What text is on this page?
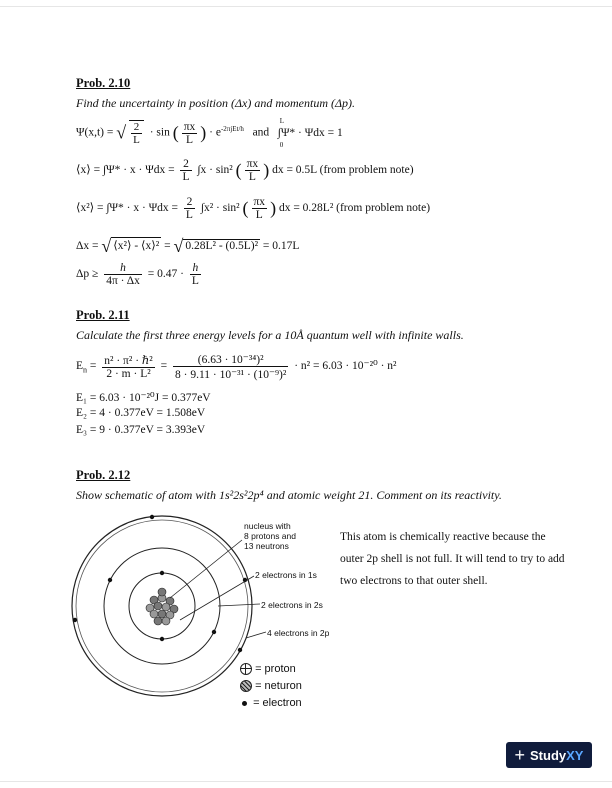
Prob. 2.10
Find the uncertainty in position (Δx) and momentum (Δp).
Ψ(x,t) = √ $\frac{2}{L} \cdot \sin$ ( $\frac{\pi x}{L}$ ) · $e^{-2\pi jEt/h}$ and
L
∫Ψ* · Ψdx = 1
0
⟨x⟩ = $\int\Psi* \cdot x \cdot \Psi dx = \frac{2}{L} \int x \cdot \sin^2$ ( $\frac{\pi x}{L}$ ) dx = 0.5L (from problem note)
⟨x²⟩ = $\int\Psi* \cdot x \cdot \Psi dx = \frac{2}{L} \int x^2 \cdot \sin^2$ ( $\frac{\pi x}{L}$ ) dx = 0.28L² (from problem note)
Δx = √ ⟨x²⟩ - ⟨x⟩² = √ 0.28L² - (0.5L)² = 0.17L
$\Delta p \ge \frac{h}{4\pi \cdot \Delta x} = 0.47 \cdot \frac{h}{L}$
Prob. 2.11
Calculate the first three energy levels for a 10Å quantum well with infinite walls.
$E_n = \frac{\text{n² · π² · ℏ²}}{\text{2 · m · L²}} = \frac{\text{(6.63 · 10⁻³⁴)²}}{\text{8 · 9.11 · 10⁻³¹ · (10⁻⁹)²}} \cdot n^2 = 6.03 \cdot 10^{-20} \cdot n^2$
E₁ = 6.03 · 10⁻²⁰J = 0.377eV
E₂ = 4 · 0.377eV = 1.508eV
E₃ = 9 · 0.377eV = 3.393eV
Prob. 2.12
Show schematic of atom with 1s²2s²2p⁴ and atomic weight 21. Comment on its reactivity.
nucleus with
8 protons and
13 neutrons
2 electrons in 1s
2 electrons in 2s
4 electrons in 2p
= proton
= neturon
= electron
This atom is chemically reactive because the outer 2p shell is not full. It will tend to try to add two electrons to that outer shell.
+ StudyXY
